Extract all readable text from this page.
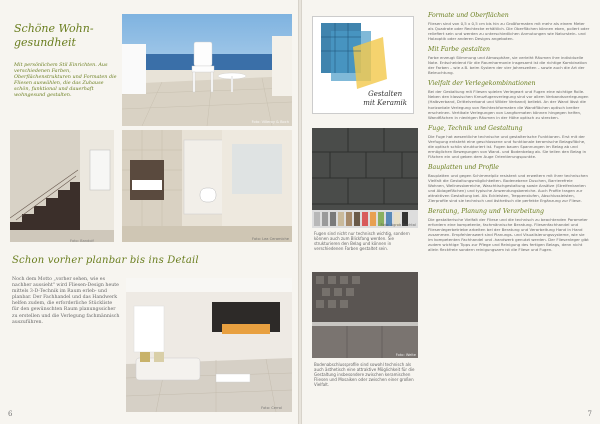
Schöne Wohn-
gesundheit
Mit persönlichem Stil Einrichten. Aus verschiedenen Farben, Oberflächenstrukturen und Formaten die Fliesen auswählen, die das Zuhause schön, funktional und dauerhaft wohngesund gestalten.
Foto: Villeroy & Boch
Foto: Bandolf	Foto: Lea Ceramiche
Schon vorher planbar bis ins Detail
Noch dem Motto „vorher sehen, wie es nachher aussieht" wird Fliesen-Design heute mittels 3-D-Technik im Raum erleb- und planbar. Der Fachhandel und das Handwerk helfen zudem, die erforderliche Stückliste für den gewünschten Raum planungssicher zu erstellen und die Verlegung fachmännisch auszuführen.
Foto: Cerrol
6
Gestalten
mit Keramik
Foto: Agrob Buchtal
Fugen sind nicht nur technisch wichtig, sondern können auch zum Blickfang werden. Sie strukturieren den Belag und können in verschiedenen Farben gestaltet sein.
Foto: Welte
Bodenabschlussprofile sind sowohl technisch als auch ästhetisch eine attraktive Möglichkeit für die Gestaltung insbesondere zwischen keramischen Fliesen und Mosaiken oder zwischen einer großen Vielfalt.
Formate und Oberflächen

Fliesen sind von 0,5 x 0,5 cm bis hin zu Großformaten mit mehr als einem Meter als Quadrate oder Rechtecke erhältlich. Die Oberflächen können eben, poliert oder reliefiert sein und werden zu unterschiedlichen Anmutungen wie Naturstein- und Holzoptik oder anderen Designs angeboten.

Mit Farbe gestalten

Farbe erzeugt Stimmung und Atmosphäre, sie verleiht Räumen ihre individuelle Note. Entscheidend für die Raumharmonie insgesamt ist die richtige Kombination der Farben – wie z.B. beim System der vier Jahreszeiten – sowie auch die Art der Beleuchtung.

Vielfalt der Verlegekombinationen

Bei der Gestaltung mit Fliesen spielen Verlegeart und Fugen eine wichtige Rolle. Neben den klassischen Kreuzfugenverlegung sind vor allem Verbandsverlegungen (Halbverband, Drittelverband und Wilder Verband) beliebt. An der Wand lässt die horizontale Verlegung von Rechteckformaten die Wandflächen optisch breiter erscheinen. Vertikale Verlegungen von Langformaten können hingegen helfen, Wandflächen in niedrigen Räumen in der Höhe optisch zu strecken.

Fuge, Technik und Gestaltung

Die Fuge hat wesentliche technische und gestalterische Funktionen. Erst mit der Verfugung entsteht eine geschlossene und funktionale keramische Belagsfläche, die optisch schön strukturiert ist. Fugen bauen Spannungen im Belag ab und ermöglichen Bewegungen von Wand- und Bodenbelag ab. Sie teilen den Belag in Flächen ein und geben dem Auge Orientierungspunkte.

Bauplatten und Profile

Bauplatten und gegen Schimmelpilz resistent und erweitern mit ihrer technischen Vielfalt die Gestaltungsmöglichkeiten. Bodenebene Duschen, Barrierefreie Wohnen, Wellnessbereiche, Waschtischgestaltung sowie Ansätze (Streifenkanten und Ablageflächen) und typische Anwendungsbereiche. Auch Profile tragen zur attraktiven Gestaltung bei. Als Eckleisten, Treppenstufen, Abschlussleisten, Zierprofile sind sie technisch und ästhetisch die perfekte Ergänzung zur Fliese.

Beratung, Planung und Verarbeitung

Die gestalterische Vielfalt der Fliese und die technisch zu beachtenden Parameter erfordern eine kompetente, fachmännische Beratung. Fliesenfachhandel und Fliesenlegerbetriebe arbeiten bei der Beratung und Verarbeitung Hand in Hand zusammen. Empfehlenswert sind Planungs- und Visualisierungssysteme, wie sie im kompetenten Fachhandel und -handwerk genutzt werden. Der Fliesenleger gibt zudem wichtige Tipps zur Pflege und Reinigung des fertigen Belags, denn nicht allein fleckfreie sondern reinigungsarm ist die Fliese und Fugen.

7
